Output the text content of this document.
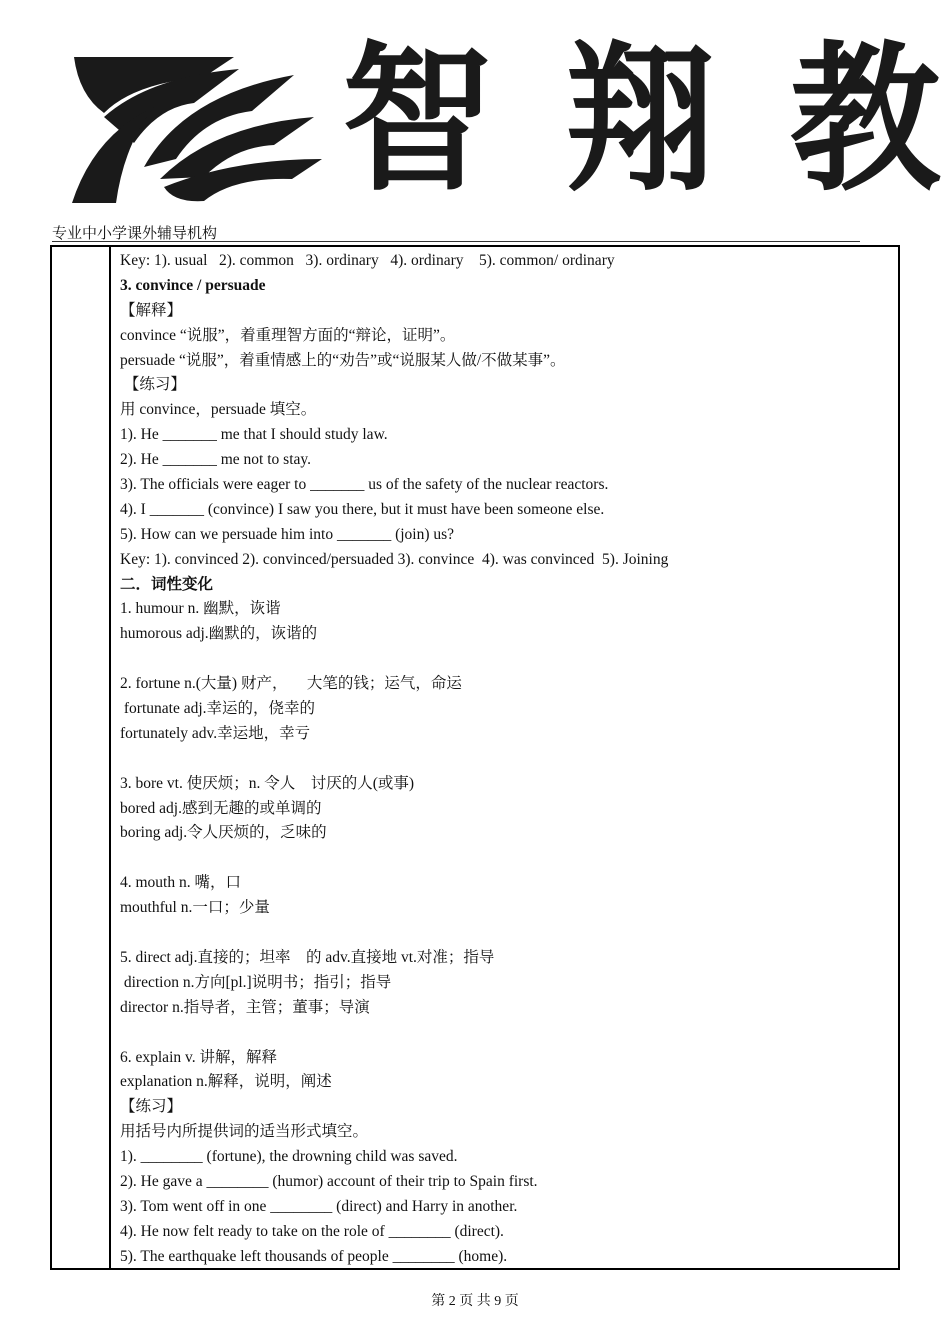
智 翔 教
专业中小学课外辅导机构
Key: 1). usual   2). common   3). ordinary   4). ordinary    5). common/ ordinary
3. convince / persuade
【解释】
convince “说服”，着重理智方面的“辩论，证明”。
persuade “说服”，着重情感上的“劝告”或“说服某人做/不做某事”。
【练习】
用 convince，persuade 填空。
1). He _______ me that I should study law.
2). He _______ me not to stay.
3). The officials were eager to _______ us of the safety of the nuclear reactors.
4). I _______ (convince) I saw you there, but it must have been someone else.
5). How can we persuade him into _______ (join) us?
Key: 1). convinced 2). convinced/persuaded 3). convince  4). was convinced  5). Joining
二．词性变化
1. humour n. 幽默，诙谐
humorous adj.幽默的，诙谐的
2. fortune n.(大量) 财产，     大笔的钱；运气，命运
fortunate adj.幸运的，侥幸的
fortunately adv.幸运地，幸亏
3. bore vt. 使厌烦；n. 令人    讨厌的人(或事)
bored adj.感到无趣的或单调的
boring adj.令人厌烦的，乏味的
4. mouth n. 嘴，口
mouthful n.一口；少量
5. direct adj.直接的；坦率    的 adv.直接地 vt.对准；指导
direction n.方向[pl.]说明书；指引；指导
director n.指导者，主管；董事；导演
6. explain v. 讲解，解释
explanation n.解释，说明，阐述
【练习】
用括号内所提供词的适当形式填空。
1). ________ (fortune), the drowning child was saved.
2). He gave a ________ (humor) account of their trip to Spain first.
3). Tom went off in one ________ (direct) and Harry in another.
4). He now felt ready to take on the role of ________ (direct).
5). The earthquake left thousands of people ________ (home).
第 2 页 共 9 页
